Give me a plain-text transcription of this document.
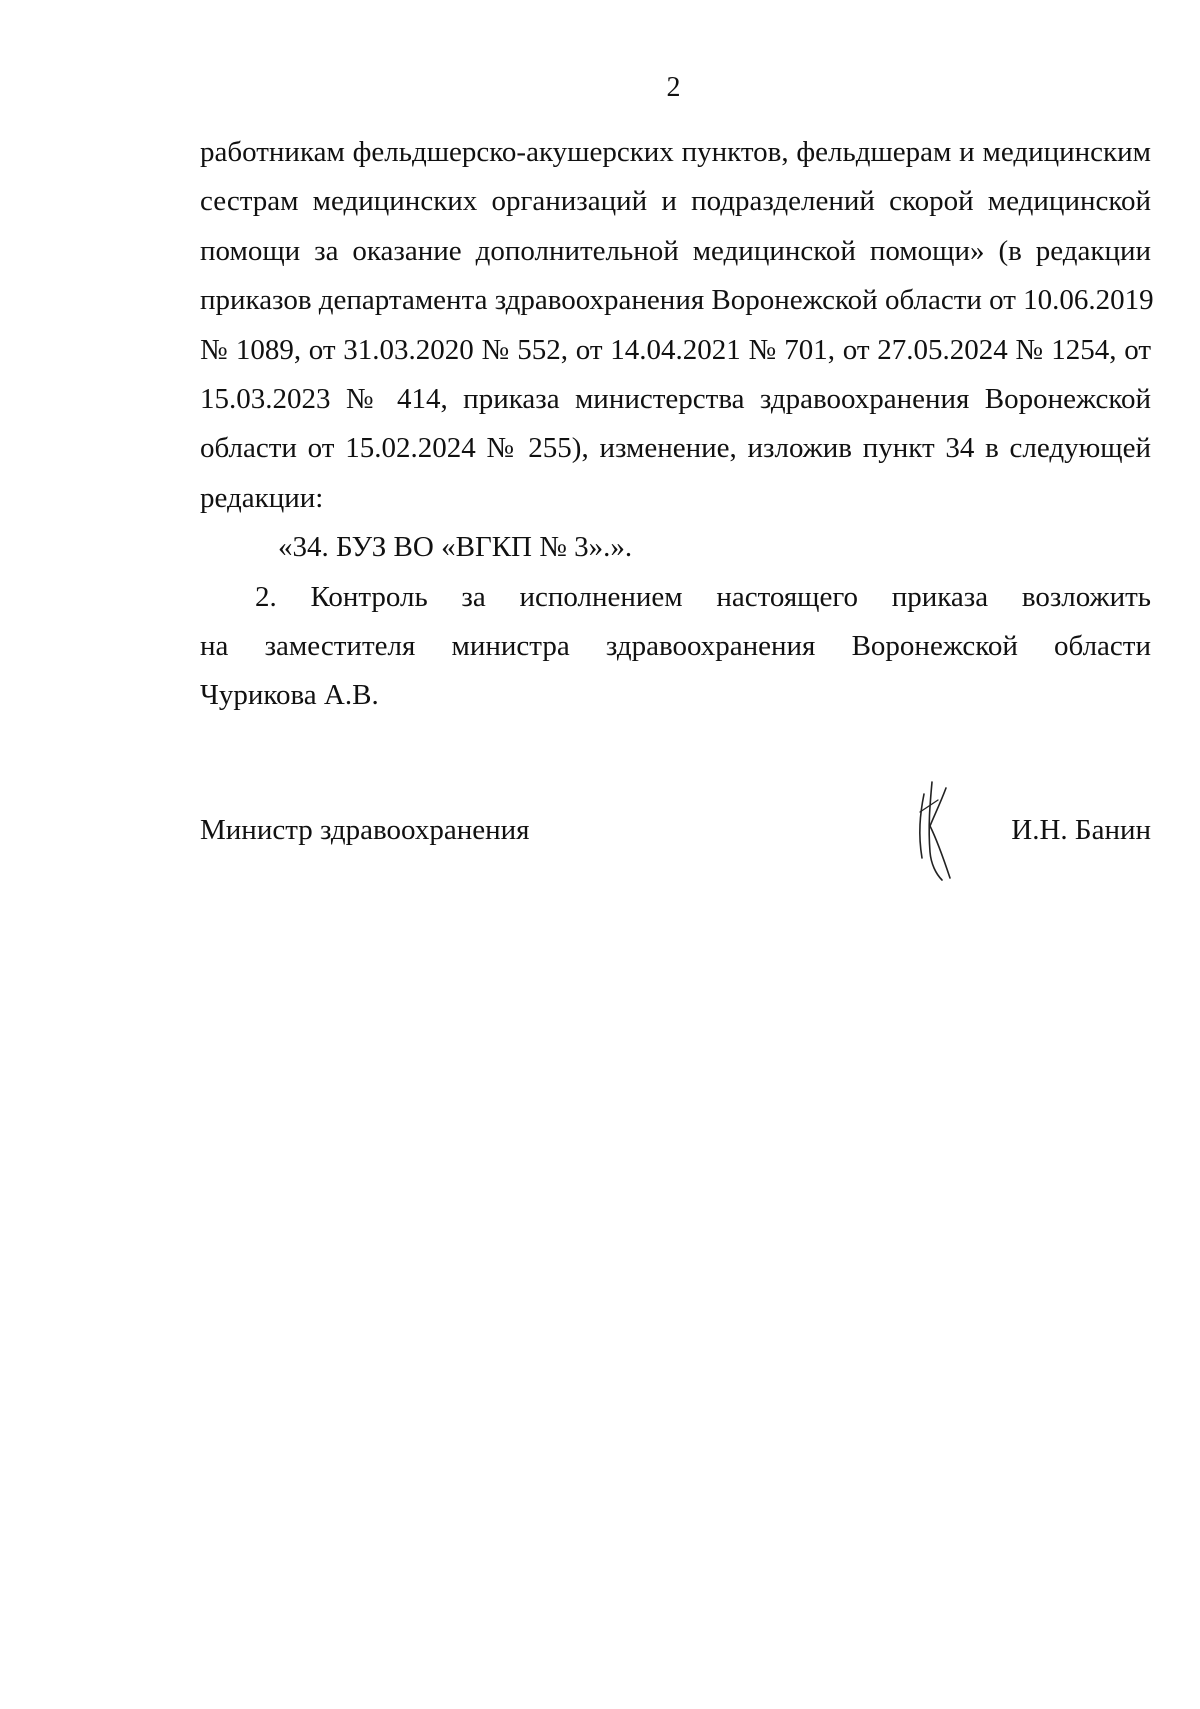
2
работникам фельдшерско-акушерских пунктов, фельдшерам и медицинским
сестрам медицинских организаций и подразделений скорой медицинской
помощи за оказание дополнительной медицинской помощи» (в редакции
приказов департамента здравоохранения Воронежской области от 10.06.2019
№ 1089, от 31.03.2020 № 552, от 14.04.2021 № 701, от 27.05.2024 № 1254, от
15.03.2023 № 414, приказа министерства здравоохранения Воронежской
области от 15.02.2024 № 255), изменение, изложив пункт 34 в следующей
редакции:
«34. БУЗ ВО «ВГКП № 3».».
2. Контроль за исполнением настоящего приказа возложить
на заместителя министра здравоохранения Воронежской области
Чурикова А.В.
Министр здравоохранения	И.Н. Банин
